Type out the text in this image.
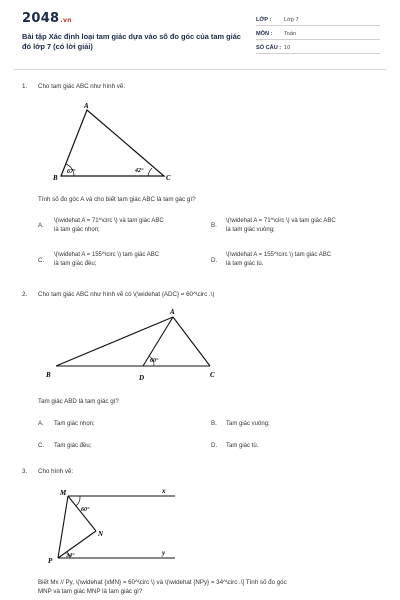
2048.vn
Bài tập Xác định loại tam giác dựa vào số đo góc của tam giác đó lớp 7 (có lời giải)
LỚP :	Lớp 7
MÔN :	Toán
SỐ CÂU : 10
1. Cho tam giác ABC như hình vẽ:
A
B	C
67°	42°
Tính số đo góc A và cho biết tam giác ABC là tam gác gì?
A.
\(\widehat A = 71^\circ \) và tam giác ABC
là tam giác nhọn;
B.
\(\widehat A = 71^\circ \) và tam giác ABC
là tam giác vuông;
C.
\(\widehat A = 155^\circ \) tam giác ABC
là tam giác đều;	D.
\(\widehat A = 155^\circ \) tam giác ABC
là tam giác tù.
2. Cho tam giác ABC như hình vẽ có \(\widehat {ADC} = 60^\circ .\)
A
B	C
D
60°
Tam giác ABD là tam giác gì?
A. Tam giác nhọn;	B. Tam giác vuông;
C. Tam giác đều;	D. Tam giác tù.
3. Cho hình vẽ:
M
N
P
x
y
60°
34°
Biết Mx // Py, \(\widehat {xMN} = 60^\circ \) và \(\widehat {NPy} = 34^\circ .\] Tính số đo góc
MNP và tam giác MNP là tam giác gì?
